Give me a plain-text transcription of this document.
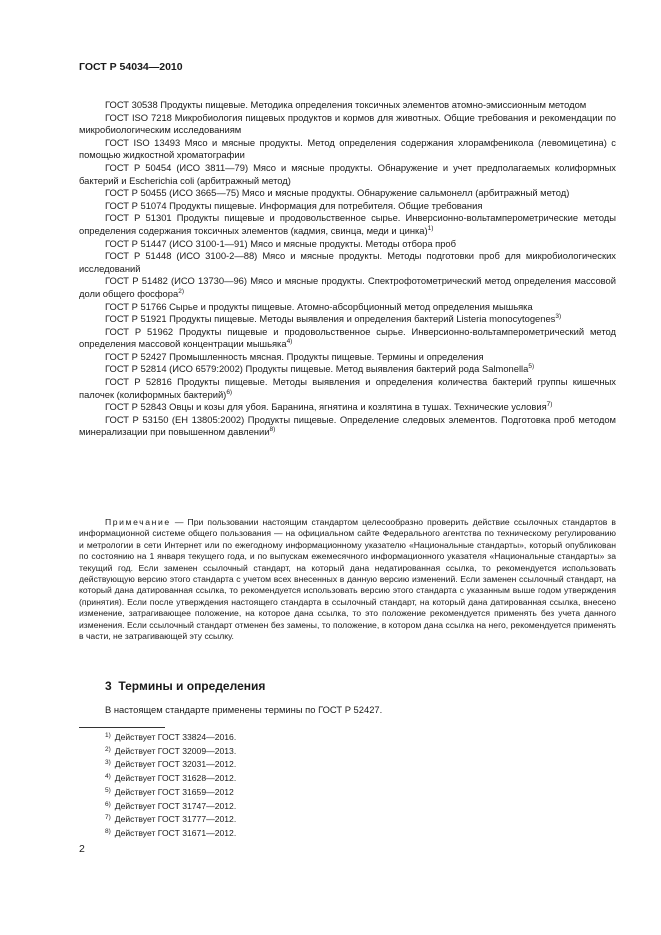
ГОСТ Р 54034—2010

ГОСТ 30538 Продукты пищевые. Методика определения токсичных элементов атомно-эмиссионным методом

ГОСТ ISO 7218 Микробиология пищевых продуктов и кормов для животных. Общие требования и рекомендации по микробиологическим исследованиям

ГОСТ ISO 13493 Мясо и мясные продукты. Метод определения содержания хлорамфеникола (левомицетина) с помощью жидкостной хроматографии

ГОСТ Р 50454 (ИСО 3811—79) Мясо и мясные продукты. Обнаружение и учет предполагаемых колиформных бактерий и Escherichia coli (арбитражный метод)

ГОСТ Р 50455 (ИСО 3665—75) Мясо и мясные продукты. Обнаружение сальмонелл (арбитражный метод)

ГОСТ Р 51074 Продукты пищевые. Информация для потребителя. Общие требования

ГОСТ Р 51301 Продукты пищевые и продовольственное сырье. Инверсионно-вольтамперометрические методы определения содержания токсичных элементов (кадмия, свинца, меди и цинка)$^{1)}$

ГОСТ Р 51447 (ИСО 3100-1—91) Мясо и мясные продукты. Методы отбора проб

ГОСТ Р 51448 (ИСО 3100-2—88) Мясо и мясные продукты. Методы подготовки проб для микробиологических исследований

ГОСТ Р 51482 (ИСО 13730—96) Мясо и мясные продукты. Спектрофотометрический метод определения массовой доли общего фосфора$^{2)}$

ГОСТ Р 51766 Сырье и продукты пищевые. Атомно-абсорбционный метод определения мышьяка

ГОСТ Р 51921 Продукты пищевые. Методы выявления и определения бактерий Listeria monocytogenes$^{3)}$

ГОСТ Р 51962 Продукты пищевые и продовольственное сырье. Инверсионно-вольтамперометрический метод определения массовой концентрации мышьяка$^{4)}$

ГОСТ Р 52427 Промышленность мясная. Продукты пищевые. Термины и определения

ГОСТ Р 52814 (ИСО 6579:2002) Продукты пищевые. Метод выявления бактерий рода Salmonella$^{5)}$

ГОСТ Р 52816 Продукты пищевые. Методы выявления и определения количества бактерий группы кишечных палочек (колиформных бактерий)$^{6)}$

ГОСТ Р 52843 Овцы и козы для убоя. Баранина, ягнятина и козлятина в тушах. Технические условия$^{7)}$

ГОСТ Р 53150 (ЕН 13805:2002) Продукты пищевые. Определение следовых элементов. Подготовка проб методом минерализации при повышенном давлении$^{8)}$

Примечание — При пользовании настоящим стандартом целесообразно проверить действие ссылочных стандартов в информационной системе общего пользования — на официальном сайте Федерального агентства по техническому регулированию и метрологии в сети Интернет или по ежегодному информационному указателю «Национальные стандарты», который опубликован по состоянию на 1 января текущего года, и по выпускам ежемесячного информационного указателя «Национальные стандарты» за текущий год. Если заменен ссылочный стандарт, на который дана недатированная ссылка, то рекомендуется использовать действующую версию этого стандарта с учетом всех внесенных в данную версию изменений. Если заменен ссылочный стандарт, на который дана датированная ссылка, то рекомендуется использовать версию этого стандарта с указанным выше годом утверждения (принятия). Если после утверждения настоящего стандарта в ссылочный стандарт, на который дана датированная ссылка, внесено изменение, затрагивающее положение, на которое дана ссылка, то это положение рекомендуется применять без учета данного изменения. Если ссылочный стандарт отменен без замены, то положение, в котором дана ссылка на него, рекомендуется применять в части, не затрагивающей эту ссылку.
3 Термины и определения
В настоящем стандарте применены термины по ГОСТ Р 52427.
$^{1)}$ Действует ГОСТ 33824—2016.
$^{2)}$ Действует ГОСТ 32009—2013.
$^{3)}$ Действует ГОСТ 32031—2012.
$^{4)}$ Действует ГОСТ 31628—2012.
$^{5)}$ Действует ГОСТ 31659—2012
$^{6)}$ Действует ГОСТ 31747—2012.
$^{7)}$ Действует ГОСТ 31777—2012.
$^{8)}$ Действует ГОСТ 31671—2012.
2
